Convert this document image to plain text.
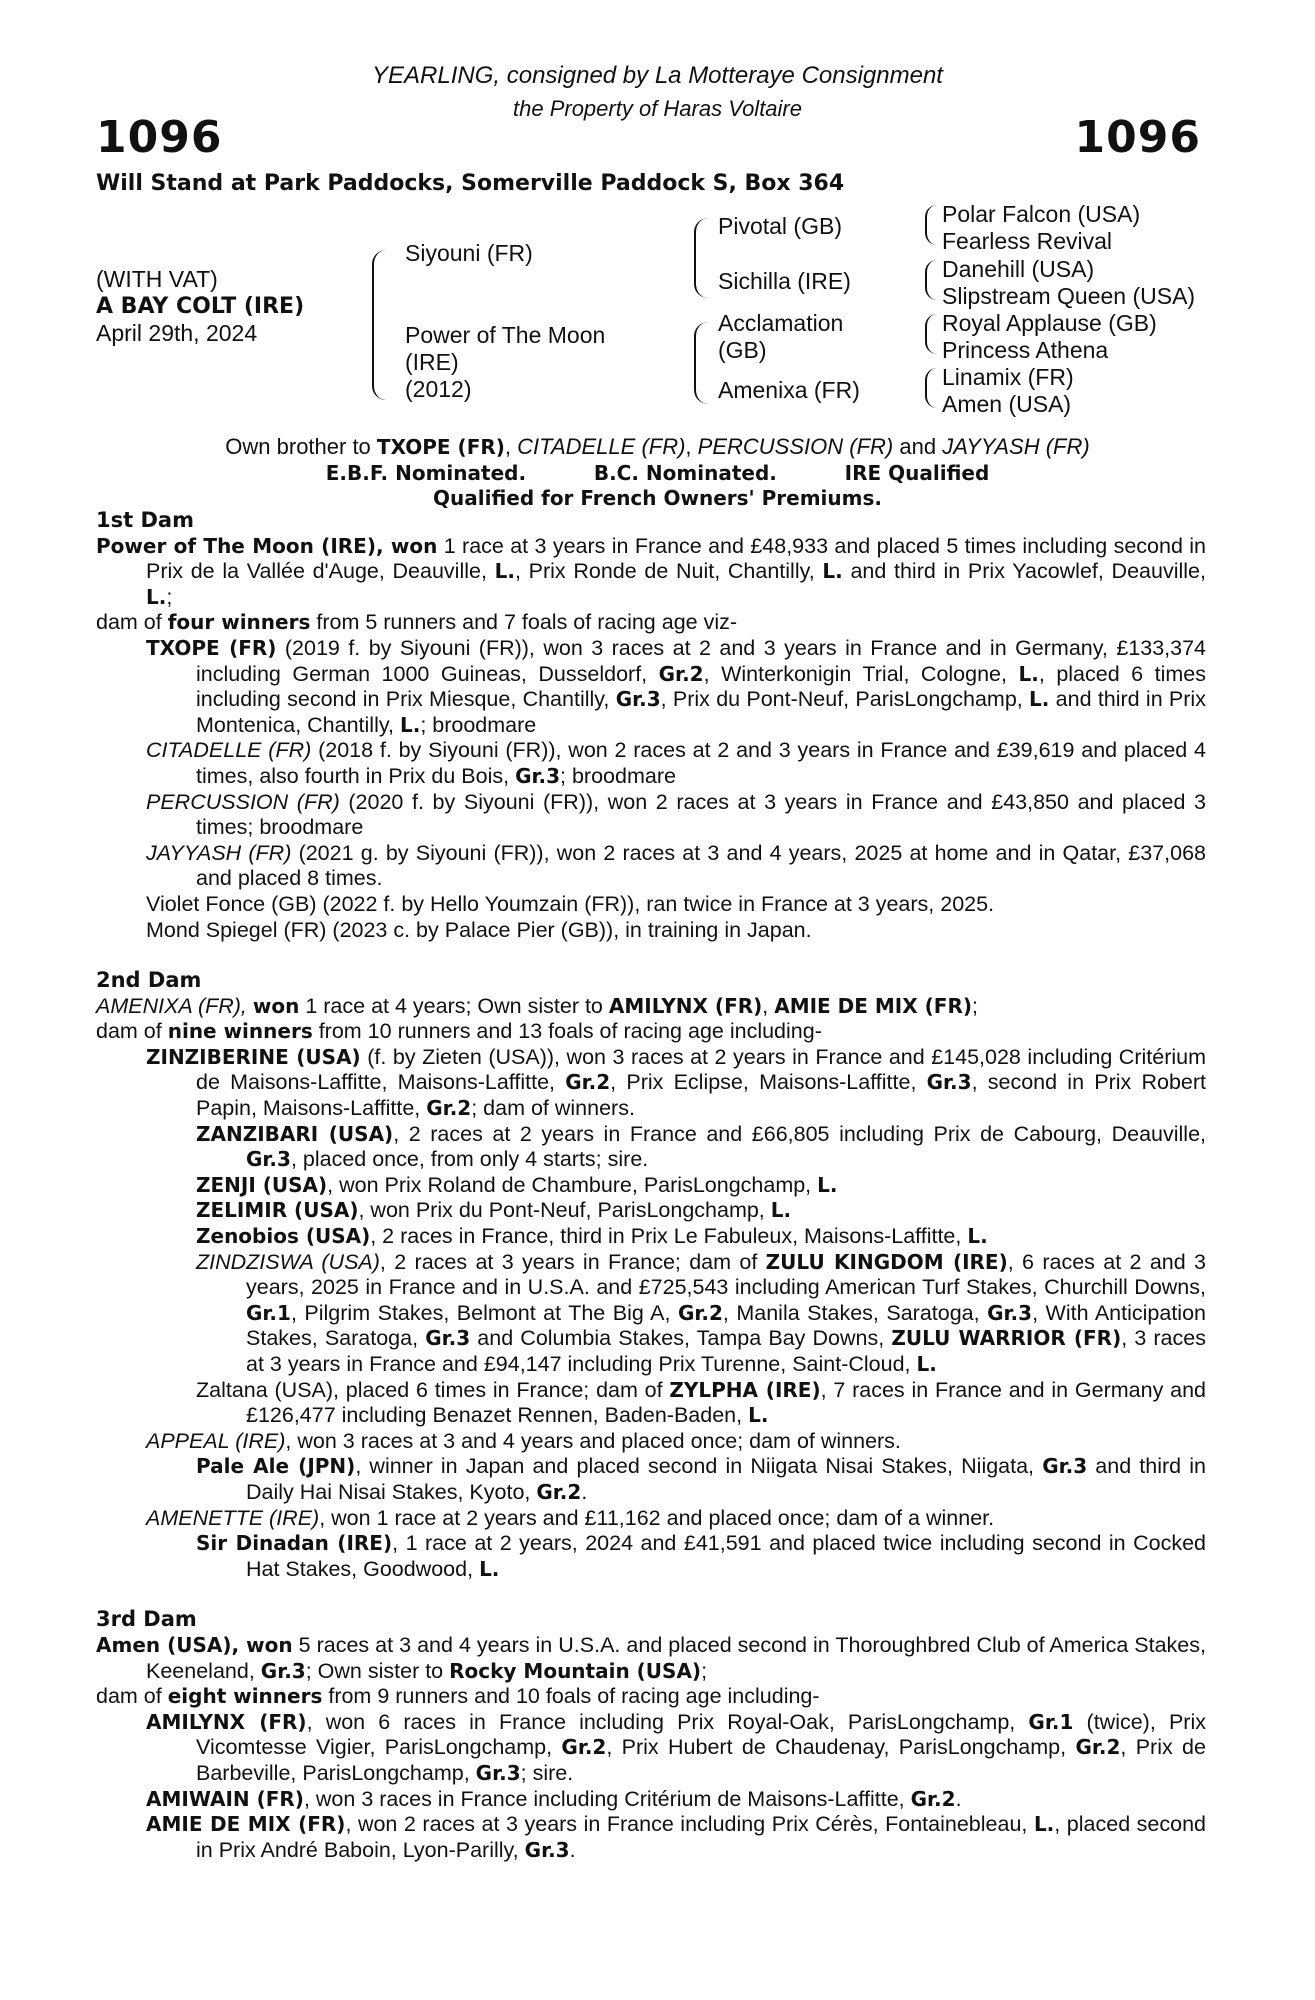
1096	1096
YEARLING, consigned by La Motteraye Consignment
the Property of Haras Voltaire
Will Stand at Park Paddocks, Somerville Paddock S, Box 364
(WITH VAT)
A BAY COLT (IRE)
April 29th, 2024
Siyouni (FR)
Power of The Moon
(IRE)
(2012)
Pivotal (GB)
Sichilla (IRE)
Acclamation
(GB)
Amenixa (FR)
Polar Falcon (USA)
Fearless Revival
Danehill (USA)
Slipstream Queen (USA)
Royal Applause (GB)
Princess Athena
Linamix (FR)
Amen (USA)
Own brother to TXOPE (FR), CITADELLE (FR), PERCUSSION (FR) and JAYYASH (FR)
E.B.F. Nominated.	B.C. Nominated.	IRE Qualified
Qualified for French Owners' Premiums.

1st Dam

Power of The Moon (IRE), won 1 race at 3 years in France and £48,933 and placed 5 times including second in Prix de la Vallée d'Auge, Deauville, L., Prix Ronde de Nuit, Chantilly, L. and third in Prix Yacowlef, Deauville, L.;

dam of four winners from 5 runners and 7 foals of racing age viz-

TXOPE (FR) (2019 f. by Siyouni (FR)), won 3 races at 2 and 3 years in France and in Germany, £133,374 including German 1000 Guineas, Dusseldorf, Gr.2, Winterkonigin Trial, Cologne, L., placed 6 times including second in Prix Miesque, Chantilly, Gr.3, Prix du Pont-Neuf, ParisLongchamp, L. and third in Prix Montenica, Chantilly, L.; broodmare

CITADELLE (FR) (2018 f. by Siyouni (FR)), won 2 races at 2 and 3 years in France and £39,619 and placed 4 times, also fourth in Prix du Bois, Gr.3; broodmare

PERCUSSION (FR) (2020 f. by Siyouni (FR)), won 2 races at 3 years in France and £43,850 and placed 3 times; broodmare

JAYYASH (FR) (2021 g. by Siyouni (FR)), won 2 races at 3 and 4 years, 2025 at home and in Qatar, £37,068 and placed 8 times.

Violet Fonce (GB) (2022 f. by Hello Youmzain (FR)), ran twice in France at 3 years, 2025.

Mond Spiegel (FR) (2023 c. by Palace Pier (GB)), in training in Japan.

2nd Dam

AMENIXA (FR), won 1 race at 4 years; Own sister to AMILYNX (FR), AMIE DE MIX (FR);

dam of nine winners from 10 runners and 13 foals of racing age including-

ZINZIBERINE (USA) (f. by Zieten (USA)), won 3 races at 2 years in France and £145,028 including Critérium de Maisons-Laffitte, Maisons-Laffitte, Gr.2, Prix Eclipse, Maisons-Laffitte, Gr.3, second in Prix Robert Papin, Maisons-Laffitte, Gr.2; dam of winners.

ZANZIBARI (USA), 2 races at 2 years in France and £66,805 including Prix de Cabourg, Deauville, Gr.3, placed once, from only 4 starts; sire.

ZENJI (USA), won Prix Roland de Chambure, ParisLongchamp, L.

ZELIMIR (USA), won Prix du Pont-Neuf, ParisLongchamp, L.

Zenobios (USA), 2 races in France, third in Prix Le Fabuleux, Maisons-Laffitte, L.

ZINDZISWA (USA), 2 races at 3 years in France; dam of ZULU KINGDOM (IRE), 6 races at 2 and 3 years, 2025 in France and in U.S.A. and £725,543 including American Turf Stakes, Churchill Downs, Gr.1, Pilgrim Stakes, Belmont at The Big A, Gr.2, Manila Stakes, Saratoga, Gr.3, With Anticipation Stakes, Saratoga, Gr.3 and Columbia Stakes, Tampa Bay Downs, ZULU WARRIOR (FR), 3 races at 3 years in France and £94,147 including Prix Turenne, Saint-Cloud, L.

Zaltana (USA), placed 6 times in France; dam of ZYLPHA (IRE), 7 races in France and in Germany and £126,477 including Benazet Rennen, Baden-Baden, L.

APPEAL (IRE), won 3 races at 3 and 4 years and placed once; dam of winners.

Pale Ale (JPN), winner in Japan and placed second in Niigata Nisai Stakes, Niigata, Gr.3 and third in Daily Hai Nisai Stakes, Kyoto, Gr.2.

AMENETTE (IRE), won 1 race at 2 years and £11,162 and placed once; dam of a winner.

Sir Dinadan (IRE), 1 race at 2 years, 2024 and £41,591 and placed twice including second in Cocked Hat Stakes, Goodwood, L.

3rd Dam

Amen (USA), won 5 races at 3 and 4 years in U.S.A. and placed second in Thoroughbred Club of America Stakes, Keeneland, Gr.3; Own sister to Rocky Mountain (USA);

dam of eight winners from 9 runners and 10 foals of racing age including-

AMILYNX (FR), won 6 races in France including Prix Royal-Oak, ParisLongchamp, Gr.1 (twice), Prix Vicomtesse Vigier, ParisLongchamp, Gr.2, Prix Hubert de Chaudenay, ParisLongchamp, Gr.2, Prix de Barbeville, ParisLongchamp, Gr.3; sire.

AMIWAIN (FR), won 3 races in France including Critérium de Maisons-Laffitte, Gr.2.

AMIE DE MIX (FR), won 2 races at 3 years in France including Prix Cérès, Fontainebleau, L., placed second in Prix André Baboin, Lyon-Parilly, Gr.3.
